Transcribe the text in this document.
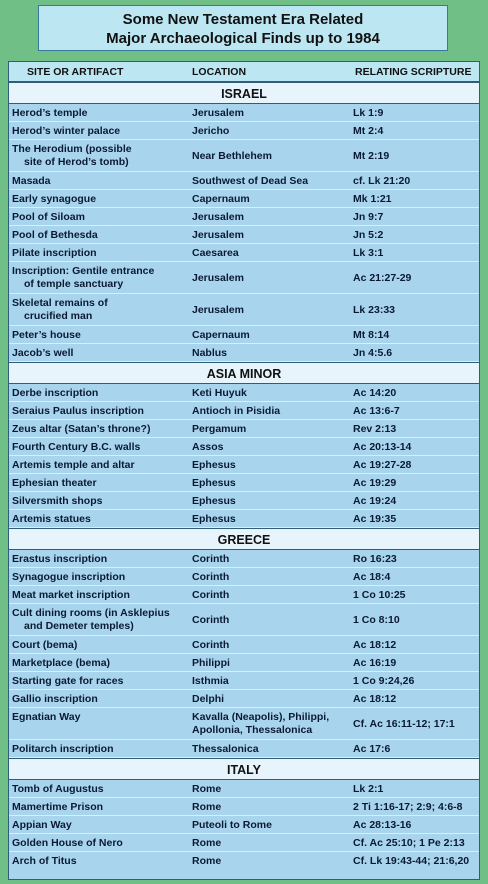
Some New Testament Era Related
Major Archaeological Finds up to 1984
SITE OR ARTIFACT	LOCATION	RELATING SCRIPTURE
ISRAEL
Herod’s temple	Jerusalem	Lk 1:9
Herod’s winter palace	Jericho	Mt 2:4
The Herodium (possible
site of Herod’s tomb)	Near Bethlehem	Mt 2:19
Masada	Southwest of Dead Sea	cf. Lk 21:20
Early synagogue	Capernaum	Mk 1:21
Pool of Siloam	Jerusalem	Jn 9:7
Pool of Bethesda	Jerusalem	Jn 5:2
Pilate inscription	Caesarea	Lk 3:1
Inscription: Gentile entrance
of temple sanctuary	Jerusalem	Ac 21:27-29
Skeletal remains of
crucified man	Jerusalem	Lk 23:33
Peter’s house	Capernaum	Mt 8:14
Jacob’s well	Nablus	Jn 4:5.6
ASIA MINOR
Derbe inscription	Keti Huyuk	Ac 14:20
Seraius Paulus inscription	Antioch in Pisidia	Ac 13:6-7
Zeus altar (Satan’s throne?)	Pergamum	Rev 2:13
Fourth Century B.C. walls	Assos	Ac 20:13-14
Artemis temple and altar	Ephesus	Ac 19:27-28
Ephesian theater	Ephesus	Ac 19:29
Silversmith shops	Ephesus	Ac 19:24
Artemis statues	Ephesus	Ac 19:35
GREECE
Erastus inscription	Corinth	Ro 16:23
Synagogue inscription	Corinth	Ac 18:4
Meat market inscription	Corinth	1 Co 10:25
Cult dining rooms (in Asklepius
and Demeter temples)	Corinth	1 Co 8:10
Court (bema)	Corinth	Ac 18:12
Marketplace (bema)	Philippi	Ac 16:19
Starting gate for races	Isthmia	1 Co 9:24,26
Gallio inscription	Delphi	Ac 18:12
Egnatian Way	Kavalla (Neapolis), Philippi,
Apollonia, Thessalonica	Cf. Ac 16:11-12; 17:1
Politarch inscription	Thessalonica	Ac 17:6
ITALY
Tomb of Augustus	Rome	Lk 2:1
Mamertime Prison	Rome	2 Ti 1:16-17; 2:9; 4:6-8
Appian Way	Puteoli to Rome	Ac 28:13-16
Golden House of Nero	Rome	Cf. Ac 25:10; 1 Pe 2:13
Arch of Titus	Rome	Cf. Lk 19:43-44; 21:6,20
